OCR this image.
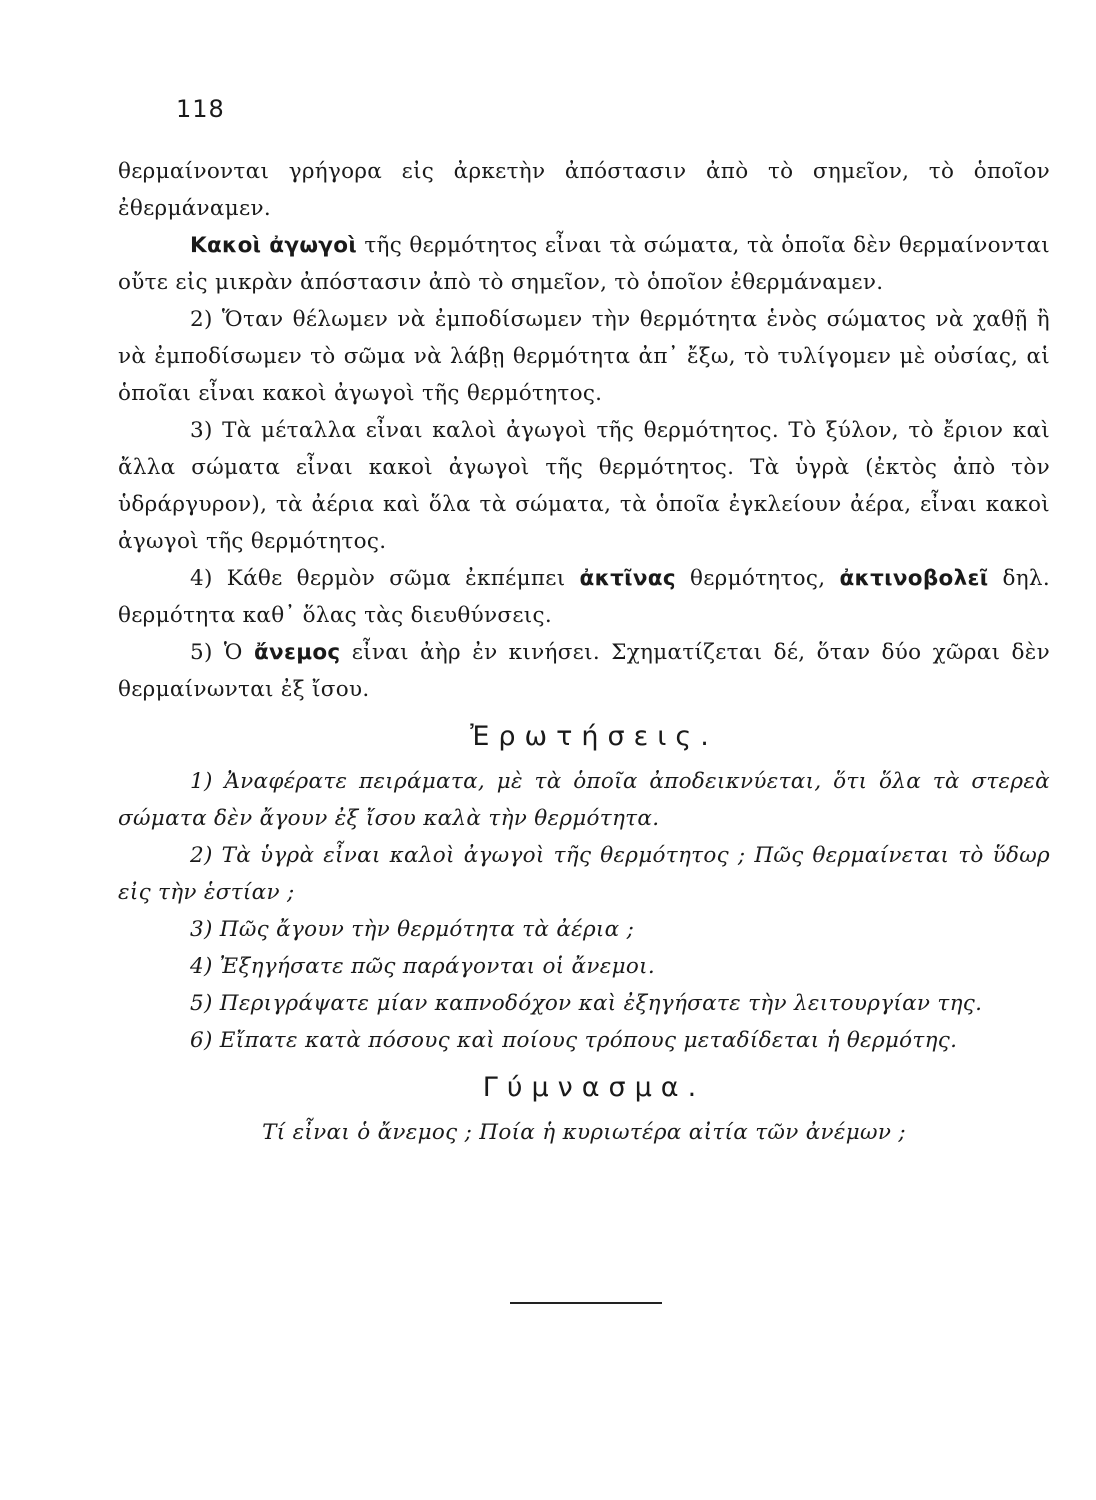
118

θερμαίνονται γρήγορα εἰς ἀρκετὴν ἀπόστασιν ἀπὸ τὸ σημεῖον, τὸ ὁποῖον ἐθερμάναμεν.

Κακοὶ ἀγωγοὶ τῆς θερμότητος εἶναι τὰ σώματα, τὰ ὁποῖα δὲν θερμαίνονται οὔτε εἰς μικρὰν ἀπόστασιν ἀπὸ τὸ σημεῖον, τὸ ὁποῖον ἐθερμάναμεν.

2) Ὅταν θέλωμεν νὰ ἐμποδίσωμεν τὴν θερμότητα ἑνὸς σώματος νὰ χαθῇ ἢ νὰ ἐμποδίσωμεν τὸ σῶμα νὰ λάβῃ θερμότητα ἀπ᾽ ἔξω, τὸ τυλίγομεν μὲ οὐσίας, αἱ ὁποῖαι εἶναι κακοὶ ἀγωγοὶ τῆς θερμότητος.

3) Τὰ μέταλλα εἶναι καλοὶ ἀγωγοὶ τῆς θερμότητος. Τὸ ξύλον, τὸ ἔριον καὶ ἄλλα σώματα εἶναι κακοὶ ἀγωγοὶ τῆς θερμότητος. Τὰ ὑγρὰ (ἐκτὸς ἀπὸ τὸν ὑδράργυρον), τὰ ἀέρια καὶ ὅλα τὰ σώματα, τὰ ὁποῖα ἐγκλείουν ἀέρα, εἶναι κακοὶ ἀγωγοὶ τῆς θερμότητος.

4) Κάθε θερμὸν σῶμα ἐκπέμπει ἀκτῖνας θερμότητος, ἀκτινοβολεῖ δηλ. θερμότητα καθ᾽ ὅλας τὰς διευθύνσεις.

5) Ὁ ἄνεμος εἶναι ἀὴρ ἐν κινήσει. Σχηματίζεται δέ, ὅταν δύο χῶραι δὲν θερμαίνωνται ἐξ ἴσου.

Ἐρωτήσεις.

1) Ἀναφέρατε πειράματα, μὲ τὰ ὁποῖα ἀποδεικνύεται, ὅτι ὅλα τὰ στερεὰ σώματα δὲν ἄγουν ἐξ ἴσου καλὰ τὴν θερμότητα.

2) Τὰ ὑγρὰ εἶναι καλοὶ ἀγωγοὶ τῆς θερμότητος ; Πῶς θερμαίνεται τὸ ὕδωρ εἰς τὴν ἑστίαν ;

3) Πῶς ἄγουν τὴν θερμότητα τὰ ἀέρια ;

4) Ἐξηγήσατε πῶς παράγονται οἱ ἄνεμοι.

5) Περιγράψατε μίαν καπνοδόχον καὶ ἐξηγήσατε τὴν λειτουργίαν της.

6) Εἴπατε κατὰ πόσους καὶ ποίους τρόπους μεταδίδεται ἡ θερμότης.

Γύμνασμα.

Τί εἶναι ὁ ἄνεμος ; Ποία ἡ κυριωτέρα αἰτία τῶν ἀνέμων ;
